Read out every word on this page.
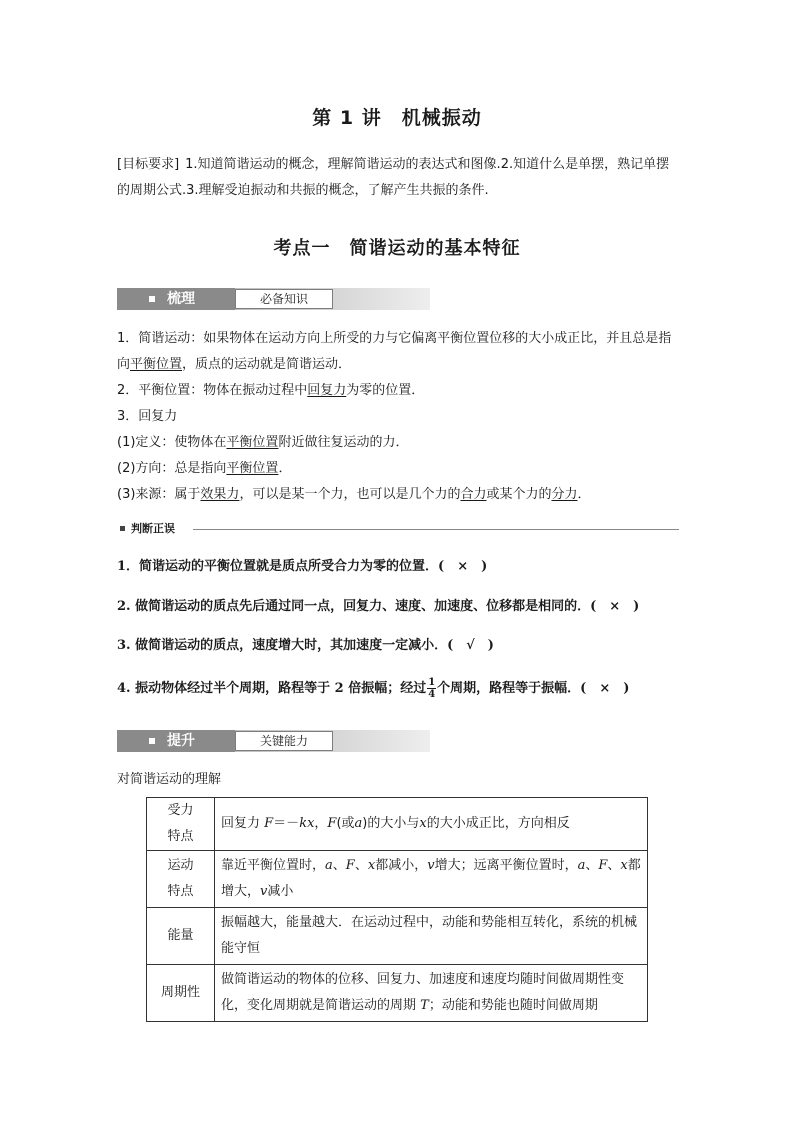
第 1 讲　机械振动
[目标要求] 1.知道简谐运动的概念，理解简谐运动的表达式和图像.2.知道什么是单摆，熟记单摆的周期公式.3.理解受迫振动和共振的概念，了解产生共振的条件.
考点一　简谐运动的基本特征
梳理	必备知识

1．简谐运动：如果物体在运动方向上所受的力与它偏离平衡位置位移的大小成正比，并且总是指向平衡位置，质点的运动就是简谐运动．

2．平衡位置：物体在振动过程中回复力为零的位置．

3．回复力

(1)定义：使物体在平衡位置附近做往复运动的力．

(2)方向：总是指向平衡位置．

(3)来源：属于效果力，可以是某一个力，也可以是几个力的合力或某个力的分力．

判断正误
1．简谐运动的平衡位置就是质点所受合力为零的位置．(　×　)
2. 做简谐运动的质点先后通过同一点，回复力、速度、加速度、位移都是相同的．(　×　)
3. 做简谐运动的质点，速度增大时，其加速度一定减小．(　√　)
4. 振动物体经过半个周期，路程等于 2 倍振幅；经过 $\frac{1}{4}$ 个周期，路程等于振幅．(　×　)
提升	关键能力
对简谐运动的理解
受力
特点	回复力 F＝－kx，F(或a)的大小与x的大小成正比，方向相反
运动
特点	靠近平衡位置时，a、F、x都减小，v增大；远离平衡位置时，a、F、x都增大，v减小
能量	振幅越大，能量越大．在运动过程中，动能和势能相互转化，系统的机械能守恒
周期性	做简谐运动的物体的位移、回复力、加速度和速度均随时间做周期性变化，变化周期就是简谐运动的周期 T；动能和势能也随时间做周期
